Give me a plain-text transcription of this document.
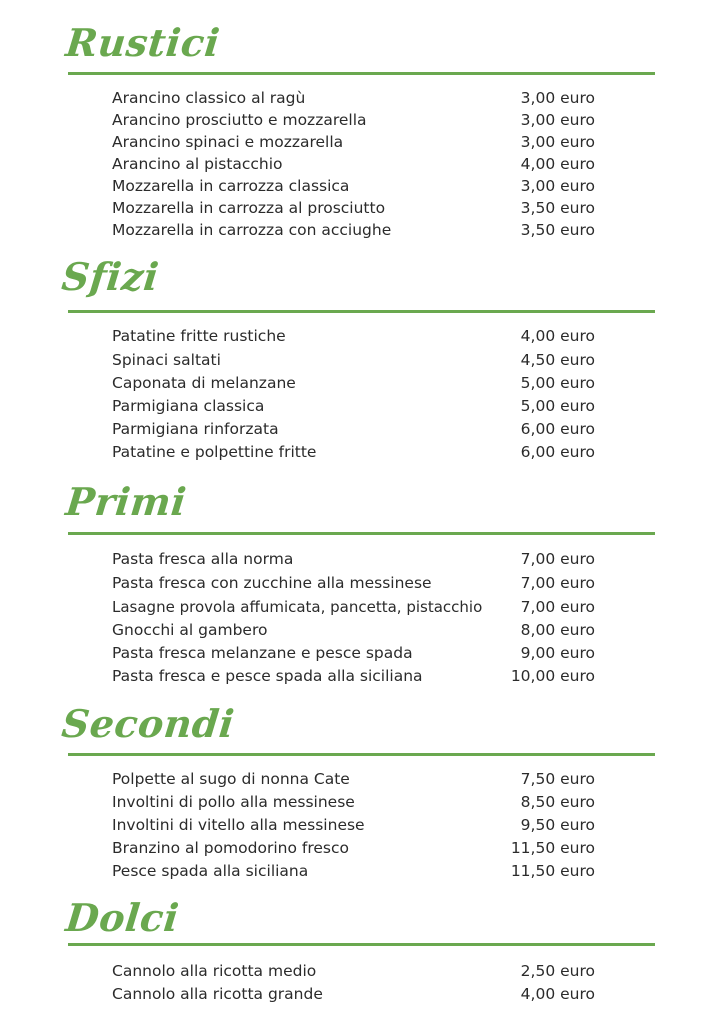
Rustici
Arancino classico al ragù	3,00 euro
Arancino prosciutto e mozzarella	3,00 euro
Arancino spinaci e mozzarella	3,00 euro
Arancino al pistacchio	4,00 euro
Mozzarella in carrozza classica	3,00 euro
Mozzarella in carrozza al prosciutto	3,50 euro
Mozzarella in carrozza con acciughe	3,50 euro
Sfizi
Patatine fritte rustiche	4,00 euro
Spinaci saltati	4,50 euro
Caponata di melanzane	5,00 euro
Parmigiana classica	5,00 euro
Parmigiana rinforzata	6,00 euro
Patatine e polpettine fritte	6,00 euro
Primi
Pasta fresca alla norma	7,00 euro
Pasta fresca con zucchine alla messinese	7,00 euro
Lasagne provola affumicata, pancetta, pistacchio 7,00 euro
Gnocchi al gambero	8,00 euro
Pasta fresca melanzane e pesce spada	9,00 euro
Pasta fresca e pesce spada alla siciliana	10,00 euro
Secondi
Polpette al sugo di nonna Cate	7,50 euro
Involtini di pollo alla messinese	8,50 euro
Involtini di vitello alla messinese	9,50 euro
Branzino al pomodorino fresco	11,50 euro
Pesce spada alla siciliana	11,50 euro
Dolci
Cannolo alla ricotta medio	2,50 euro
Cannolo alla ricotta grande	4,00 euro
